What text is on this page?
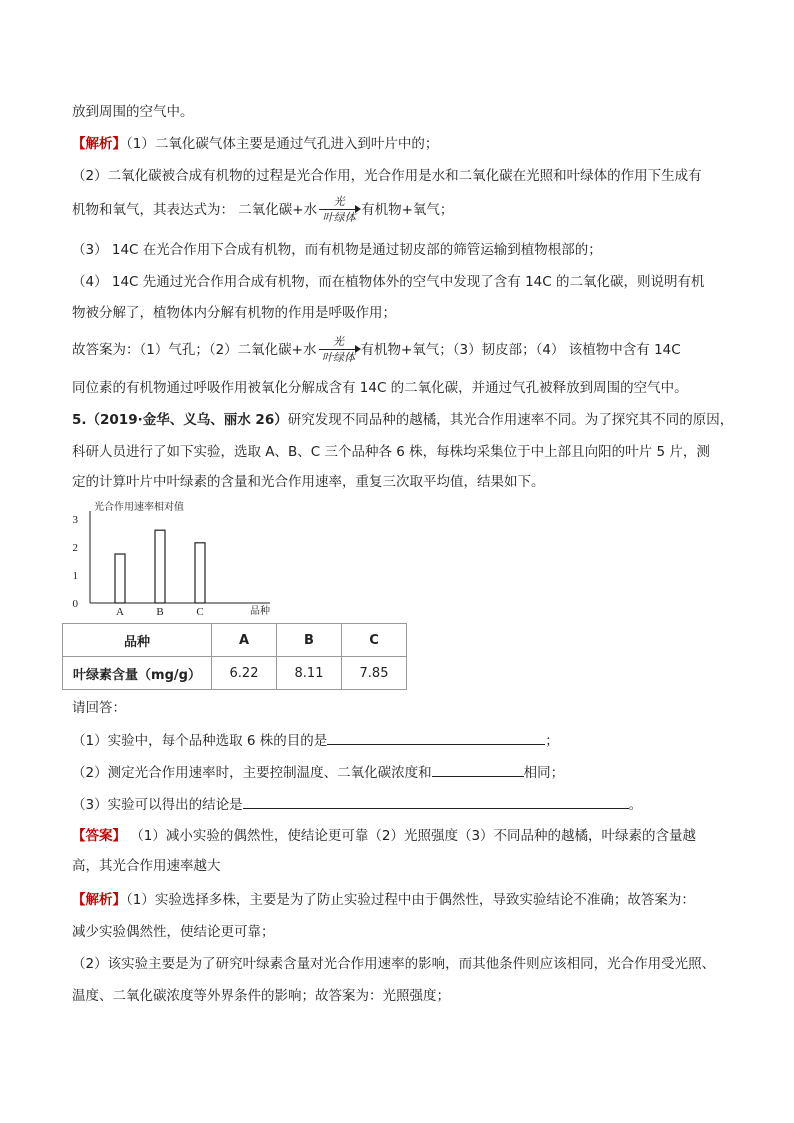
放到周围的空气中。
【解析】（1）二氧化碳气体主要是通过气孔进入到叶片中的；
（2）二氧化碳被合成有机物的过程是光合作用，光合作用是水和二氧化碳在光照和叶绿体的作用下生成有
机物和氧气，其表达式为： 二氧化碳+水
光
叶绿体 有机物+氧气；
（3） 14C 在光合作用下合成有机物，而有机物是通过韧皮部的筛管运输到植物根部的；
（4） 14C 先通过光合作用合成有机物，而在植物体外的空气中发现了含有 14C 的二氧化碳，则说明有机
物被分解了，植物体内分解有机物的作用是呼吸作用；
故答案为：（1）气孔；（2）二氧化碳+水
光
叶绿体 有机物+氧气；（3）韧皮部；（4） 该植物中含有 14C
同位素的有机物通过呼吸作用被氧化分解成含有 14C 的二氧化碳，并通过气孔被释放到周围的空气中。
5.（2019·金华、义乌、丽水 26）研究发现不同品种的越橘，其光合作用速率不同。为了探究其不同的原因，
科研人员进行了如下实验，选取 A、B、C 三个品种各 6 株，每株均采集位于中上部且向阳的叶片 5 片，测
定的计算叶片中叶绿素的含量和光合作用速率，重复三次取平均值，结果如下。
光合作用速率相对值
品种
0
1
2
3
A	B	C
品种	A	B	C
叶绿素含量（mg/g）	6.22	8.11	7.85
请回答：
（1）实验中，每个品种选取 6 株的目的是	；
（2）测定光合作用速率时，主要控制温度、二氧化碳浓度和	相同；
（3）实验可以得出的结论是	。
【答案】 （1）减小实验的偶然性，使结论更可靠（2）光照强度（3）不同品种的越橘，叶绿素的含量越
高，其光合作用速率越大
【解析】（1）实验选择多株，主要是为了防止实验过程中由于偶然性，导致实验结论不准确；故答案为：
减少实验偶然性，使结论更可靠；
（2）该实验主要是为了研究叶绿素含量对光合作用速率的影响，而其他条件则应该相同，光合作用受光照、
温度、二氧化碳浓度等外界条件的影响；故答案为：光照强度；
